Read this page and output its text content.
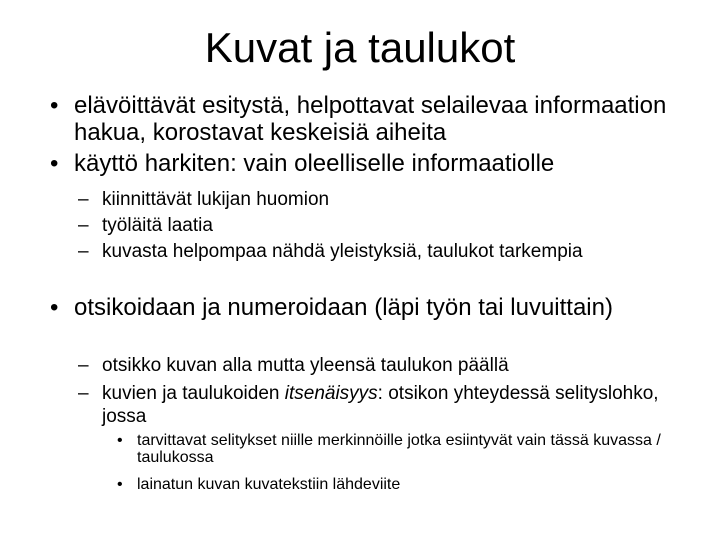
Kuvat ja taulukot
• elävöittävät esitystä, helpottavat selailevaa informaation hakua, korostavat keskeisiä aiheita
• käyttö harkiten: vain oleelliselle informaatiolle
– kiinnittävät lukijan huomion
– työläitä laatia
– kuvasta helpompaa nähdä yleistyksiä, taulukot tarkempia
• otsikoidaan ja numeroidaan (läpi työn tai luvuittain)
– otsikko kuvan alla mutta yleensä taulukon päällä
– kuvien ja taulukoiden itsenäisyys: otsikon yhteydessä selityslohko, jossa
• tarvittavat selitykset niille merkinnöille jotka esiintyvät vain tässä kuvassa / taulukossa
• lainatun kuvan kuvatekstiin lähdeviite
